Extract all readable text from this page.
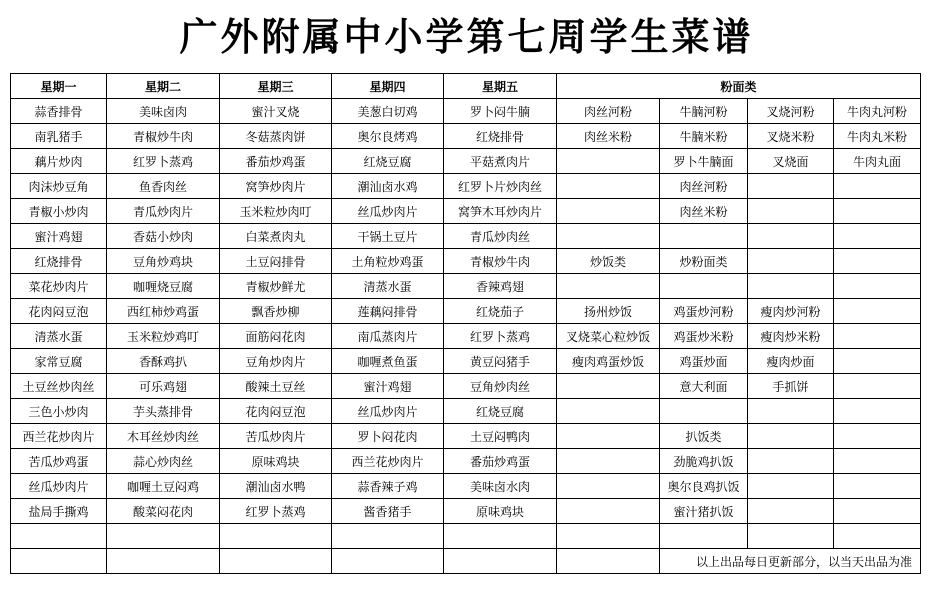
广外附属中小学第七周学生菜谱
星期一	星期二	星期三	星期四	星期五	粉面类			
蒜香排骨	美味卤肉	蜜汁叉烧	美葱白切鸡	罗卜闷牛腩	肉丝河粉	牛腩河粉	叉烧河粉	牛肉丸河粉
南乳猪手	青椒炒牛肉	冬菇蒸肉饼	奥尔良烤鸡	红烧排骨	肉丝米粉	牛腩米粉	叉烧米粉	牛肉丸米粉
藕片炒肉	红罗卜蒸鸡	番茄炒鸡蛋	红烧豆腐	平菇煮肉片		罗卜牛腩面	叉烧面	牛肉丸面
肉沫炒豆角	鱼香肉丝	窝笋炒肉片	潮汕卤水鸡	红罗卜片炒肉丝		肉丝河粉		
青椒小炒肉	青瓜炒肉片	玉米粒炒肉叮	丝瓜炒肉片	窝笋木耳炒肉片		肉丝米粉		
蜜汁鸡翅	香菇小炒肉	白菜煮肉丸	干锅土豆片	青瓜炒肉丝				
红烧排骨	豆角炒鸡块	土豆闷排骨	土角粒炒鸡蛋	青椒炒牛肉	炒饭类	炒粉面类		
菜花炒肉片	咖喱烧豆腐	青椒炒鲜尤	清蒸水蛋	香辣鸡翅				
花肉闷豆泡	西红柿炒鸡蛋	飘香炒柳	莲藕闷排骨	红烧茄子	扬州炒饭	鸡蛋炒河粉	瘦肉炒河粉	
清蒸水蛋	玉米粒炒鸡叮	面筋闷花肉	南瓜蒸肉片	红罗卜蒸鸡	叉烧菜心粒炒饭	鸡蛋炒米粉	瘦肉炒米粉	
家常豆腐	香酥鸡扒	豆角炒肉片	咖喱煮鱼蛋	黄豆闷猪手	瘦肉鸡蛋炒饭	鸡蛋炒面	瘦肉炒面	
土豆丝炒肉丝	可乐鸡翅	酸辣土豆丝	蜜汁鸡翅	豆角炒肉丝		意大利面	手抓饼	
三色小炒肉	芋头蒸排骨	花肉闷豆泡	丝瓜炒肉片	红烧豆腐				
西兰花炒肉片	木耳丝炒肉丝	苦瓜炒肉片	罗卜闷花肉	土豆闷鸭肉		扒饭类		
苦瓜炒鸡蛋	蒜心炒肉丝	原味鸡块	西兰花炒肉片	番茄炒鸡蛋		劲脆鸡扒饭		
丝瓜炒肉片	咖喱土豆闷鸡	潮汕卤水鸭	蒜香辣子鸡	美味卤水肉		奥尔良鸡扒饭		
盐局手撕鸡	酸菜闷花肉	红罗卜蒸鸡	酱香猪手	原味鸡块		蜜汁猪扒饭		

						以上出品每日更新部分，以当天出品为准		
